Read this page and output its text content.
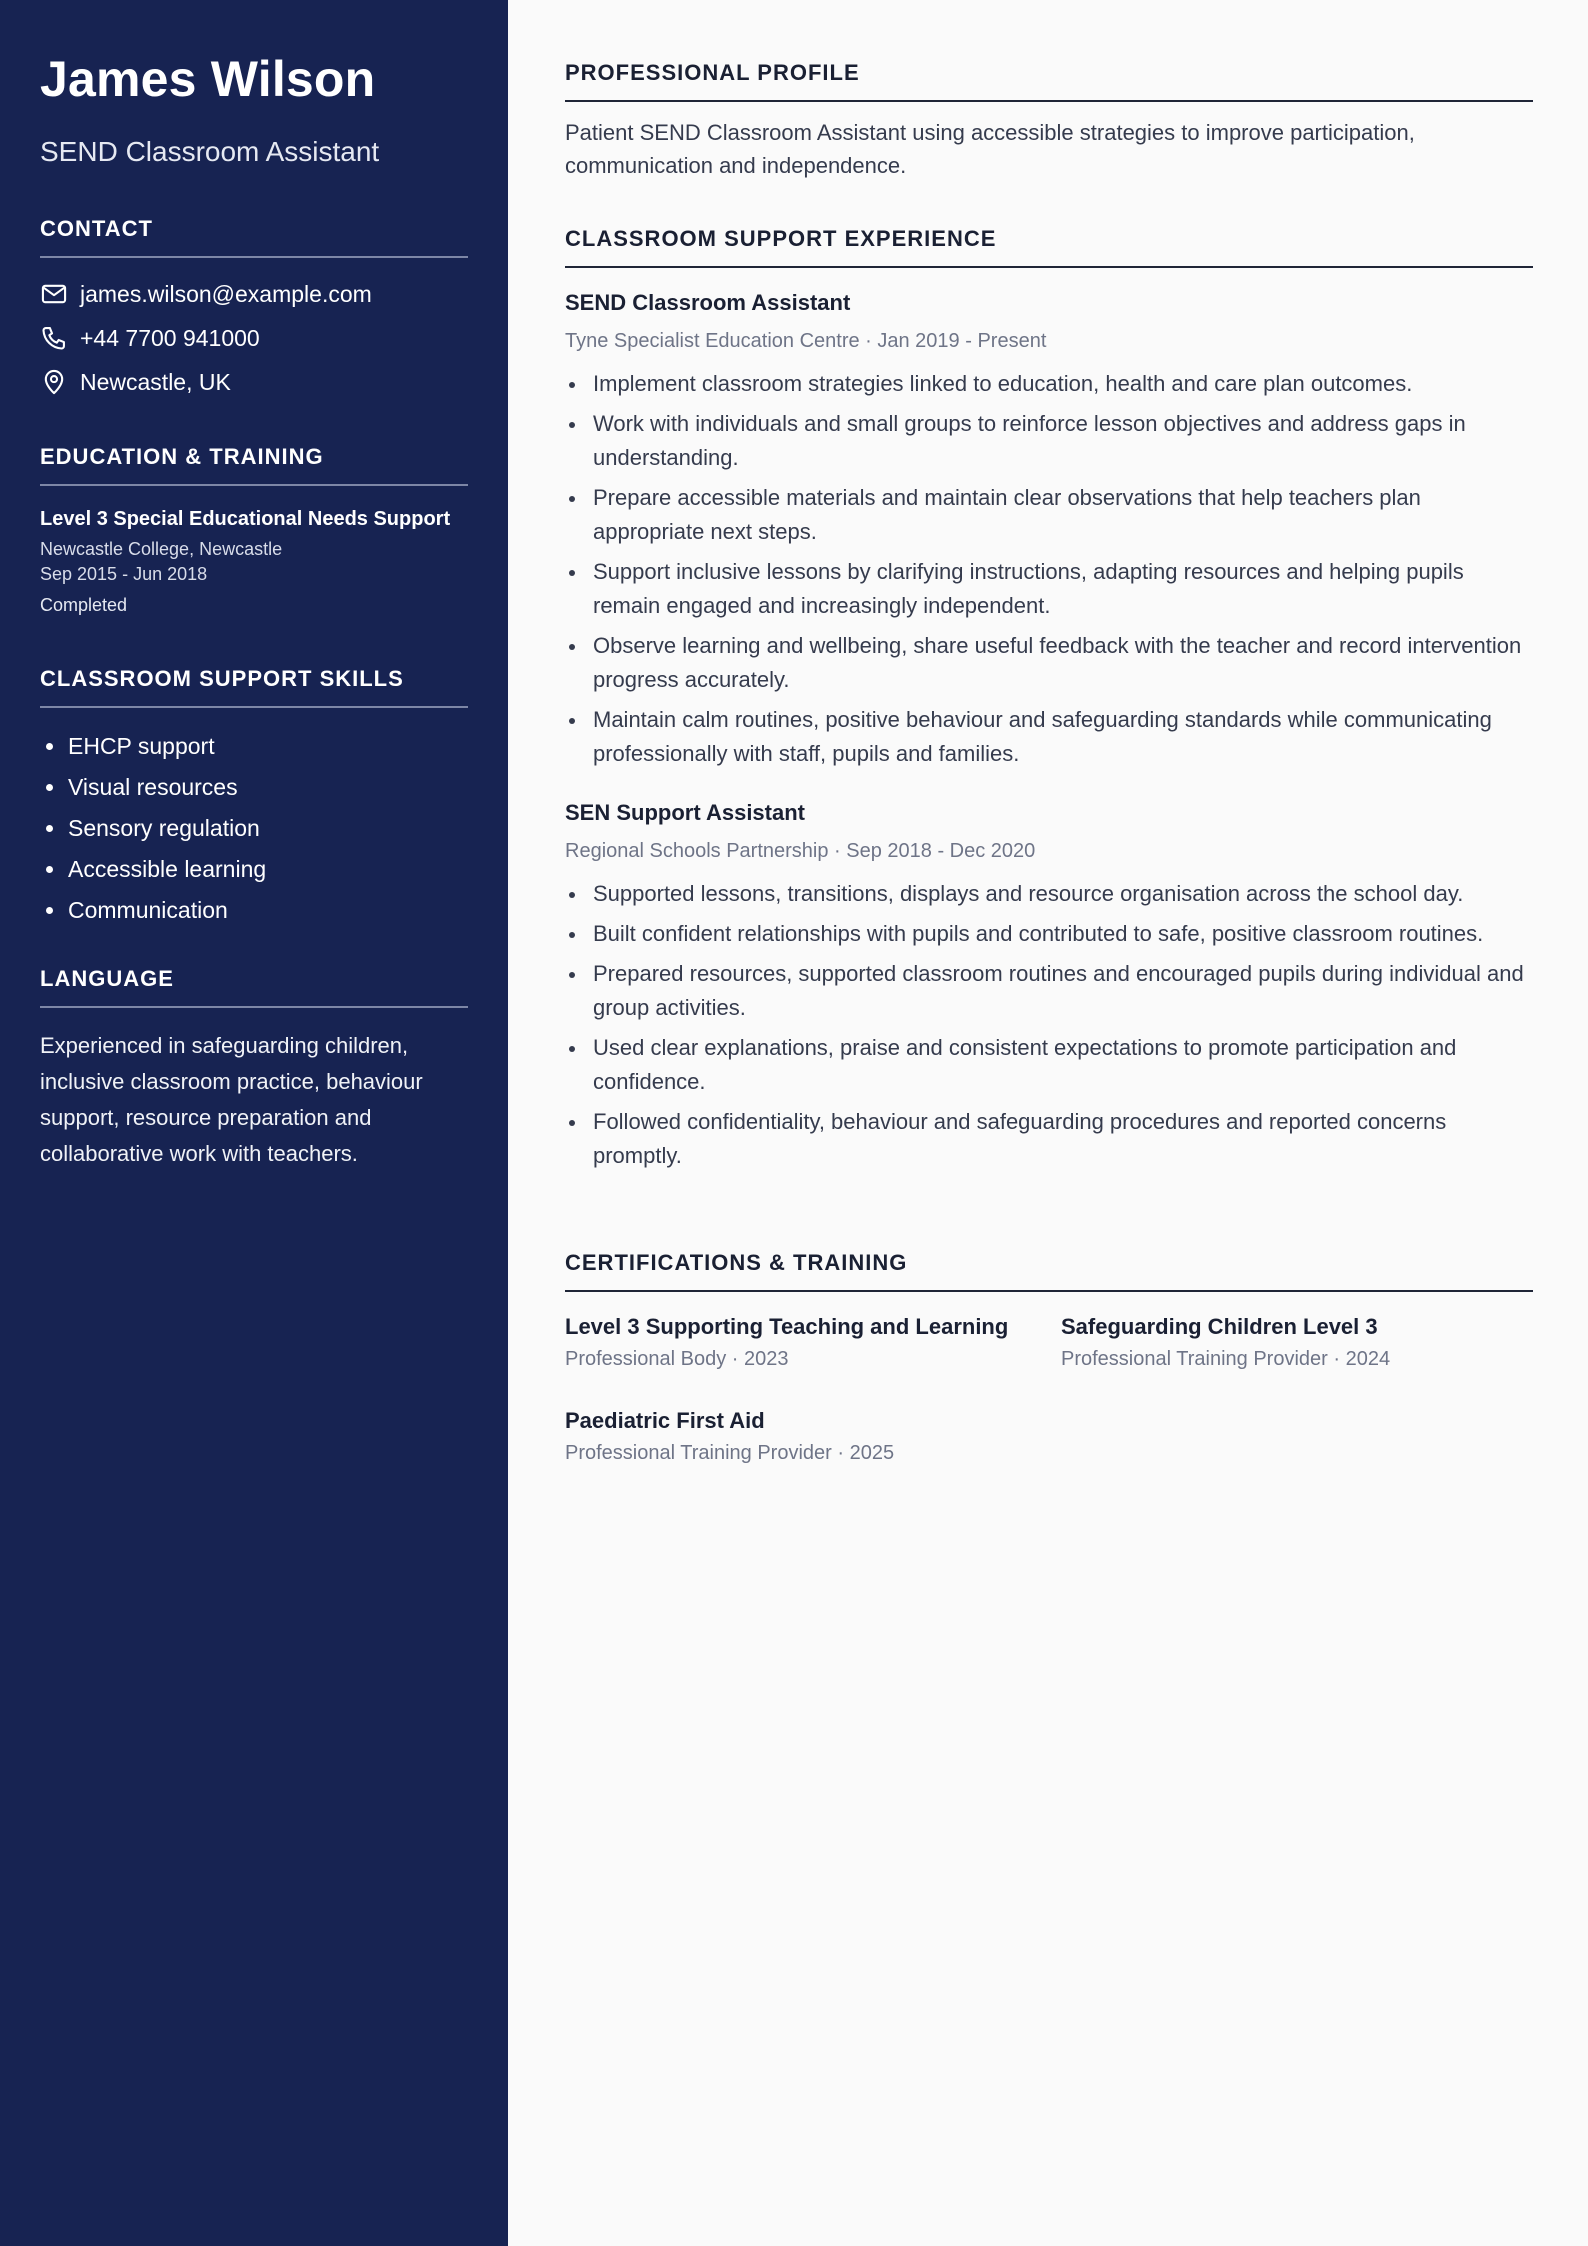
James Wilson
SEND Classroom Assistant
CONTACT
james.wilson@example.com
+44 7700 941000
Newcastle, UK
EDUCATION & TRAINING
Level 3 Special Educational Needs Support
Newcastle College, Newcastle
Sep 2015 - Jun 2018
Completed
CLASSROOM SUPPORT SKILLS
EHCP support
Visual resources
Sensory regulation
Accessible learning
Communication
LANGUAGE

Experienced in safeguarding children, inclusive classroom practice, behaviour support, resource preparation and collaborative work with teachers.

PROFESSIONAL PROFILE

Patient SEND Classroom Assistant using accessible strategies to improve participation, communication and independence.

CLASSROOM SUPPORT EXPERIENCE
SEND Classroom Assistant
Tyne Specialist Education Centre · Jan 2019 - Present
Implement classroom strategies linked to education, health and care plan outcomes.
Work with individuals and small groups to reinforce lesson objectives and address gaps in understanding.
Prepare accessible materials and maintain clear observations that help teachers plan appropriate next steps.
Support inclusive lessons by clarifying instructions, adapting resources and helping pupils remain engaged and increasingly independent.
Observe learning and wellbeing, share useful feedback with the teacher and record intervention progress accurately.
Maintain calm routines, positive behaviour and safeguarding standards while communicating professionally with staff, pupils and families.
SEN Support Assistant
Regional Schools Partnership · Sep 2018 - Dec 2020
Supported lessons, transitions, displays and resource organisation across the school day.
Built confident relationships with pupils and contributed to safe, positive classroom routines.
Prepared resources, supported classroom routines and encouraged pupils during individual and group activities.
Used clear explanations, praise and consistent expectations to promote participation and confidence.
Followed confidentiality, behaviour and safeguarding procedures and reported concerns promptly.
CERTIFICATIONS & TRAINING
Level 3 Supporting Teaching and Learning
Professional Body · 2023
Safeguarding Children Level 3
Professional Training Provider · 2024
Paediatric First Aid
Professional Training Provider · 2025
